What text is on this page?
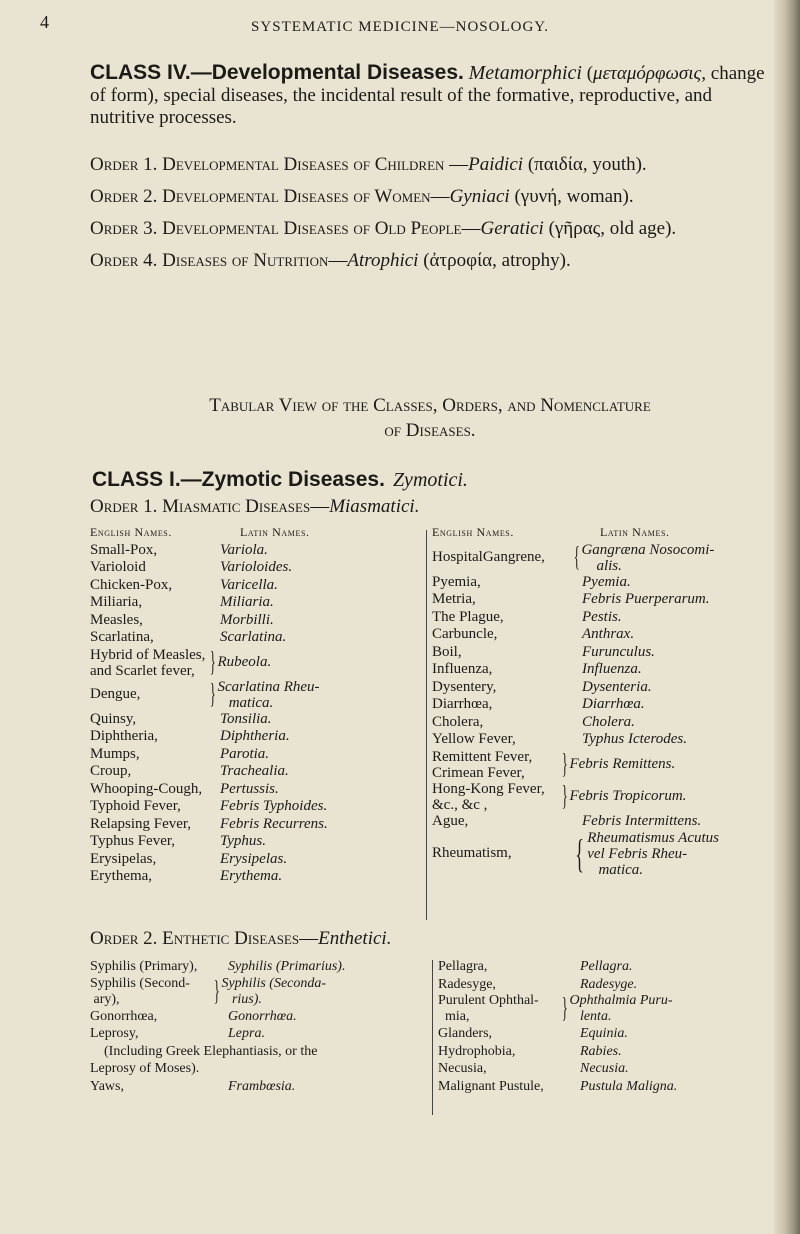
4	SYSTEMATIC MEDICINE—NOSOLOGY.
CLASS IV.—Developmental Diseases. Metamorphici (μεταμόρφωσις, change of form), special diseases, the incidental result of the formative, reproductive, and nutritive processes.

Order 1. Developmental Diseases of Children —Paidici (παιδία, youth).

Order 2. Developmental Diseases of Women—Gyniaci (γυνή, woman).

Order 3. Developmental Diseases of Old People—Geratici (γῆρας, old age).

Order 4. Diseases of Nutrition—Atrophici (ἀτροφία, atrophy).

Tabular View of the Classes, Orders, and Nomenclature
of Diseases.
CLASS I.—Zymotic Diseases. Zymotici.
Order 1. Miasmatic Diseases—Miasmatici.
English Names.	Latin Names.
Small-Pox,	Variola.
Varioloid	Varioloides.
Chicken-Pox,	Varicella.
Miliaria,	Miliaria.
Measles,	Morbilli.
Scarlatina,	Scarlatina.
Hybrid of Measles,
and Scarlet fever, } Rubeola.
Dengue,	} Scarlatina Rheu-
matica.
Quinsy,	Tonsilia.
Diphtheria,	Diphtheria.
Mumps,	Parotia.
Croup,	Trachealia.
Whooping-Cough,	Pertussis.
Typhoid Fever,	Febris Typhoides.
Relapsing Fever,	Febris Recurrens.
Typhus Fever,	Typhus.
Erysipelas,	Erysipelas.
Erythema,	Erythema.
English Names.	Latin Names.
HospitalGangrene,	{ Gangræna Nosocomi-
alis.
Pyemia,	Pyemia.
Metria,	Febris Puerperarum.
The Plague,	Pestis.
Carbuncle,	Anthrax.
Boil,	Furunculus.
Influenza,	Influenza.
Dysentery,	Dysenteria.
Diarrhœa,	Diarrhœa.
Cholera,	Cholera.
Yellow Fever,	Typhus Icterodes.
Remittent Fever,
Crimean Fever,	} Febris Remittens.
Hong-Kong Fever,
&c., &c ,	} Febris Tropicorum.
Ague,	Febris Intermittens.
Rheumatism,	{ Rheumatismus Acutus
vel Febris Rheu-
matica.
Order 2. Enthetic Diseases—Enthetici.
Syphilis (Primary),	Syphilis (Primarius).
Syphilis (Second-
ary),	} Syphilis (Seconda-
rius).
Gonorrhœa,	Gonorrhœa.
Leprosy,	Lepra.
(Including Greek Elephantiasis, or the
Leprosy of Moses).
Yaws,	Frambœsia.
Pellagra,	Pellagra.
Radesyge,	Radesyge.
Purulent Ophthal-
mia,	} Ophthalmia Puru-
lenta.
Glanders,	Equinia.
Hydrophobia,	Rabies.
Necusia,	Necusia.
Malignant Pustule,	Pustula Maligna.
